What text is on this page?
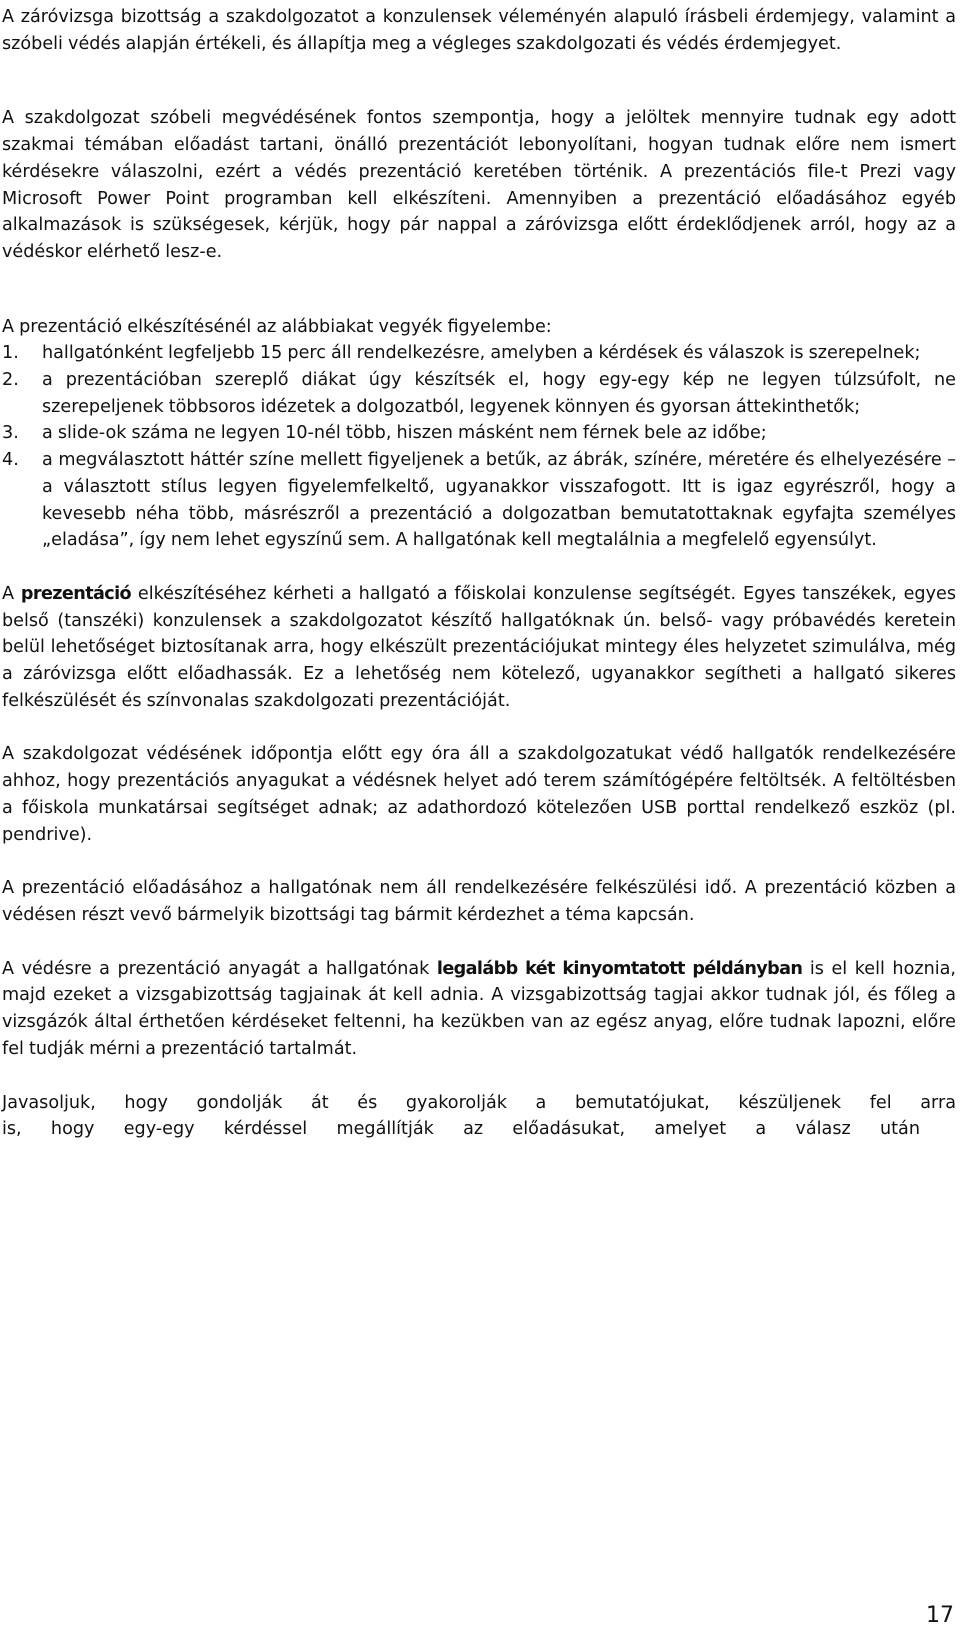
A záróvizsga bizottság a szakdolgozatot a konzulensek véleményén alapuló írásbeli érdemjegy, valamint a szóbeli védés alapján értékeli, és állapítja meg a végleges szakdolgozati és védés érdemjegyet.

A szakdolgozat szóbeli megvédésének fontos szempontja, hogy a jelöltek mennyire tudnak egy adott szakmai témában előadást tartani, önálló prezentációt lebonyolítani, hogyan tudnak előre nem ismert kérdésekre válaszolni, ezért a védés prezentáció keretében történik. A prezentációs file-t Prezi vagy Microsoft Power Point programban kell elkészíteni. Amennyiben a prezentáció előadásához egyéb alkalmazások is szükségesek, kérjük, hogy pár nappal a záróvizsga előtt érdeklődjenek arról, hogy az a védéskor elérhető lesz-e.

A prezentáció elkészítésénél az alábbiakat vegyék figyelembe:

1. hallgatónként legfeljebb 15 perc áll rendelkezésre, amelyben a kérdések és válaszok is szerepelnek;
2. a prezentációban szereplő diákat úgy készítsék el, hogy egy-egy kép ne legyen túlzsúfolt, ne szerepeljenek többsoros idézetek a dolgozatból, legyenek könnyen és gyorsan áttekinthetők;
3. a slide-ok száma ne legyen 10-nél több, hiszen másként nem férnek bele az időbe;
4. a megválasztott háttér színe mellett figyeljenek a betűk, az ábrák, színére, méretére és elhelyezésére – a választott stílus legyen figyelemfelkeltő, ugyanakkor visszafogott. Itt is igaz egyrészről, hogy a kevesebb néha több, másrészről a prezentáció a dolgozatban bemutatottaknak egyfajta személyes „eladása”, így nem lehet egyszínű sem. A hallgatónak kell megtalálnia a megfelelő egyensúlyt.

A prezentáció elkészítéséhez kérheti a hallgató a főiskolai konzulense segítségét. Egyes tanszékek, egyes belső (tanszéki) konzulensek a szakdolgozatot készítő hallgatóknak ún. belső- vagy próbavédés keretein belül lehetőséget biztosítanak arra, hogy elkészült prezentációjukat mintegy éles helyzetet szimulálva, még a záróvizsga előtt előadhassák. Ez a lehetőség nem kötelező, ugyanakkor segítheti a hallgató sikeres felkészülését és színvonalas szakdolgozati prezentációját.

A szakdolgozat védésének időpontja előtt egy óra áll a szakdolgozatukat védő hallgatók rendelkezésére ahhoz, hogy prezentációs anyagukat a védésnek helyet adó terem számítógépére feltöltsék. A feltöltésben a főiskola munkatársai segítséget adnak; az adathordozó kötelezően USB porttal rendelkező eszköz (pl. pendrive).

A prezentáció előadásához a hallgatónak nem áll rendelkezésére felkészülési idő. A prezentáció közben a védésen részt vevő bármelyik bizottsági tag bármit kérdezhet a téma kapcsán.

A védésre a prezentáció anyagát a hallgatónak legalább két kinyomtatott példányban is el kell hoznia, majd ezeket a vizsgabizottság tagjainak át kell adnia. A vizsgabizottság tagjai akkor tudnak jól, és főleg a vizsgázók által érthetően kérdéseket feltenni, ha kezükben van az egész anyag, előre tudnak lapozni, előre fel tudják mérni a prezentáció tartalmát.

Javasoljuk, hogy gondolják át és gyakorolják a bemutatójukat, készüljenek fel arra

is, hogy egy-egy kérdéssel megállítják az előadásukat, amelyet a válasz után

17
